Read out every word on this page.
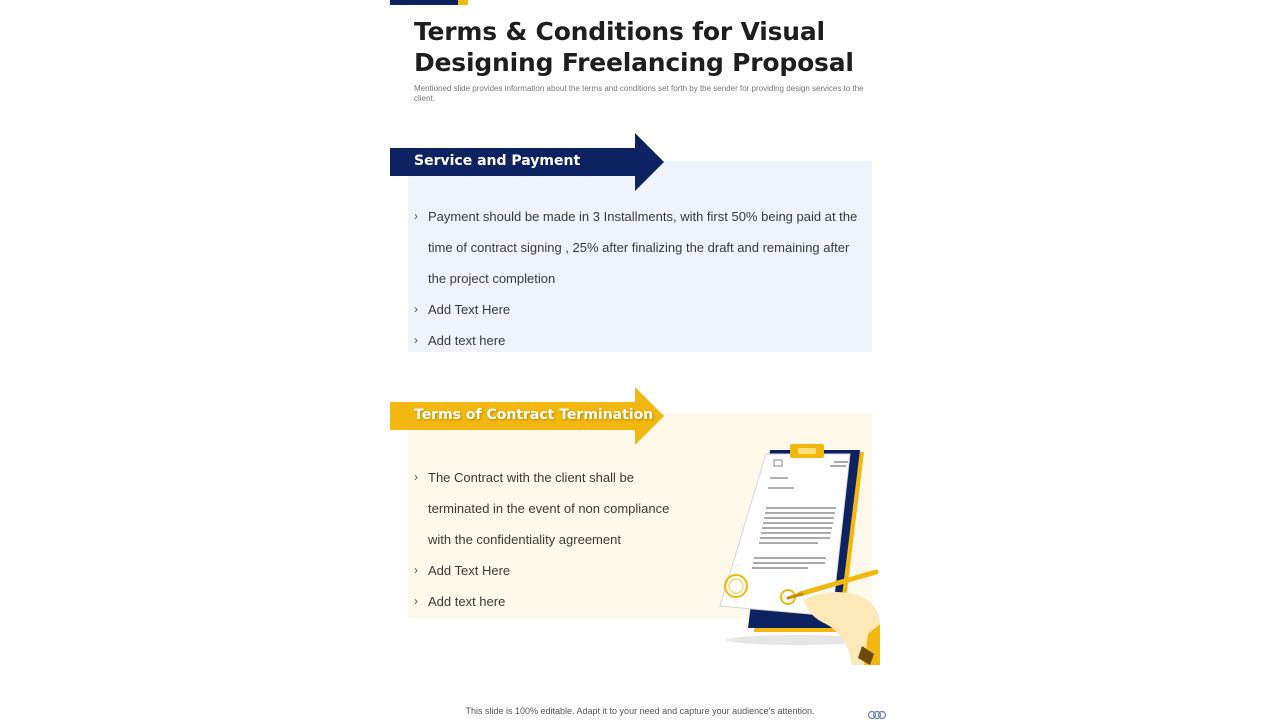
Terms & Conditions for Visual Designing Freelancing Proposal

Mentioned slide provides information about the terms and conditions set forth by the sender for providing design services to the client.

Service and Payment
› Payment should be made in 3 Installments, with first 50% being paid at the time of contract signing , 25% after finalizing the draft and remaining after the project completion
› Add Text Here
› Add text here
Terms of Contract Termination
› The Contract with the client shall be terminated in the event of non compliance with the confidentiality agreement
› Add Text Here
› Add text here
This slide is 100% editable. Adapt it to your need and capture your audience’s attention.
